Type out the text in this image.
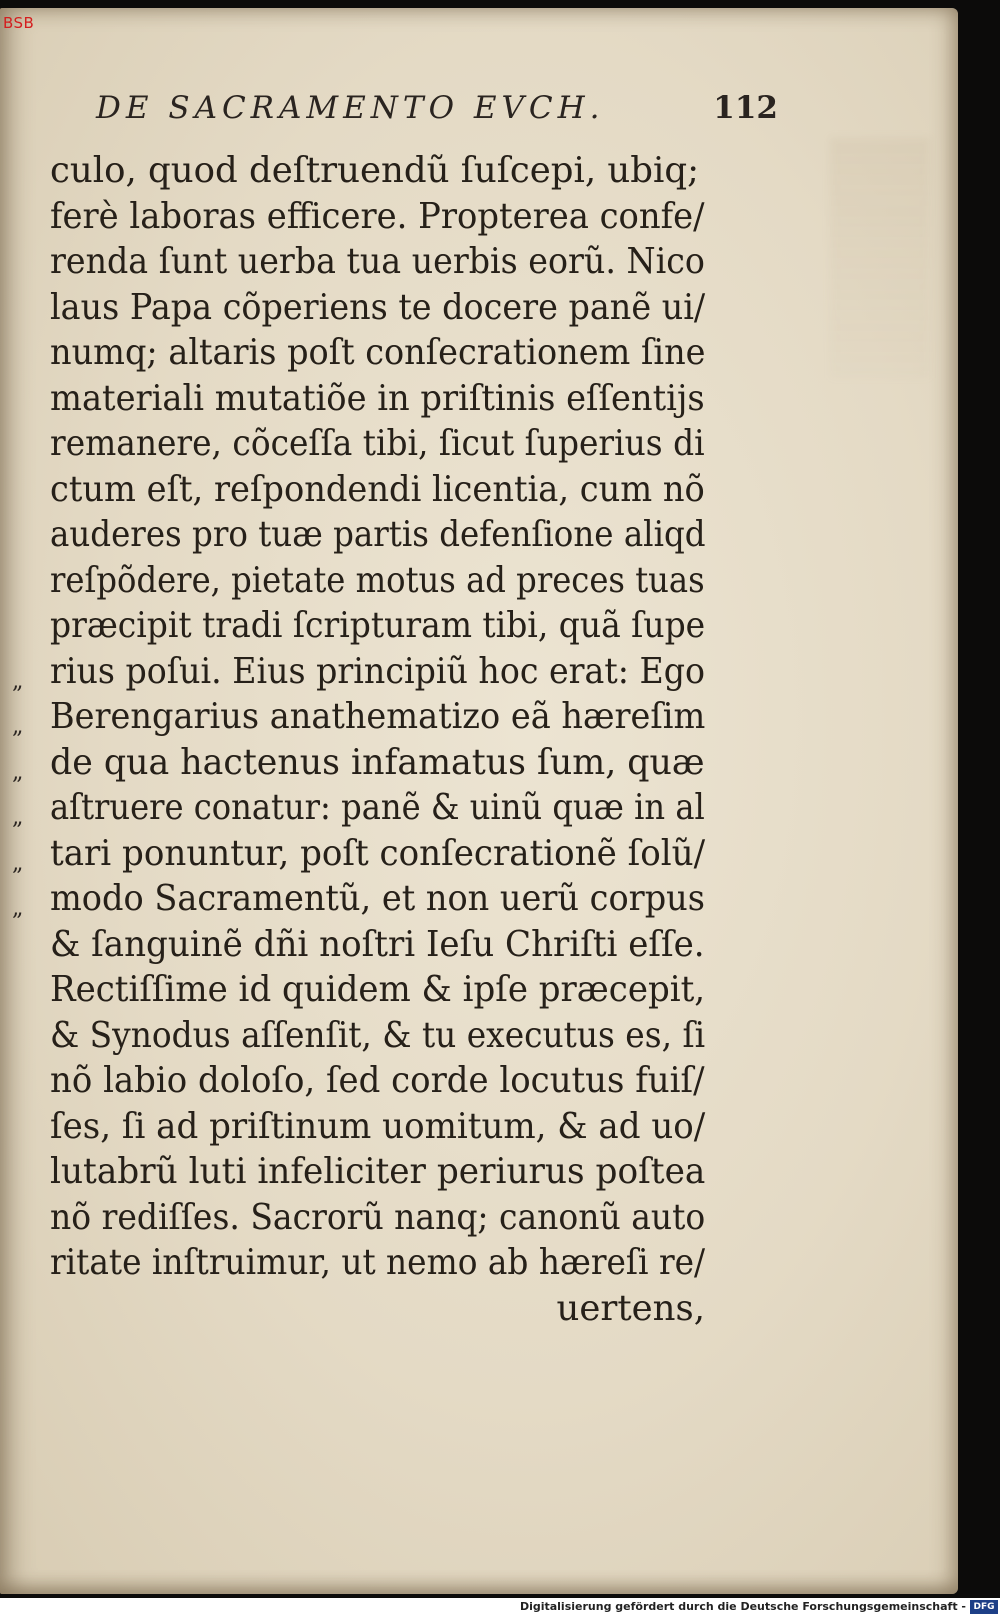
DE SACRAMENTO EVCH.	112
culo, quod deſtruendũ ſuſcepi, ubiq;
ferè laboras efficere. Propterea confe/
renda ſunt uerba tua uerbis eorũ. Nico
laus Papa cõperiens te docere panẽ ui/
numq; altaris poſt conſecrationem ſine
materiali mutatiõe in priſtinis eſſentijs
remanere, cõceſſa tibi, ſicut ſuperius di
ctum eſt, reſpondendi licentia, cum nõ
auderes pro tuæ partis defenſione aliqd
reſpõdere, pietate motus ad preces tuas
præcipit tradi ſcripturam tibi, quã ſupe
„ rius poſui. Eius principiũ hoc erat: Ego
„ Berengarius anathematizo eã hæreſim
„ de qua hactenus infamatus ſum, quæ
„ aſtruere conatur: panẽ & uinũ quæ in al
„ tari ponuntur, poſt conſecrationẽ ſolũ/
„ modo Sacramentũ, et non uerũ corpus
& ſanguinẽ dñi noſtri Ieſu Chriſti eſſe.
Rectiſſime id quidem & ipſe præcepit,
& Synodus aſſenſit, & tu executus es, ſi
nõ labio doloſo, ſed corde locutus fuiſ/
ſes, ſi ad priſtinum uomitum, & ad uo/
lutabrũ luti infeliciter periurus poſtea
nõ rediſſes. Sacrorũ nanq; canonũ auto
ritate inſtruimur, ut nemo ab hæreſi re/
uertens,
BSB
Digitalisierung gefördert durch die Deutsche Forschungsgemeinschaft - DFG
